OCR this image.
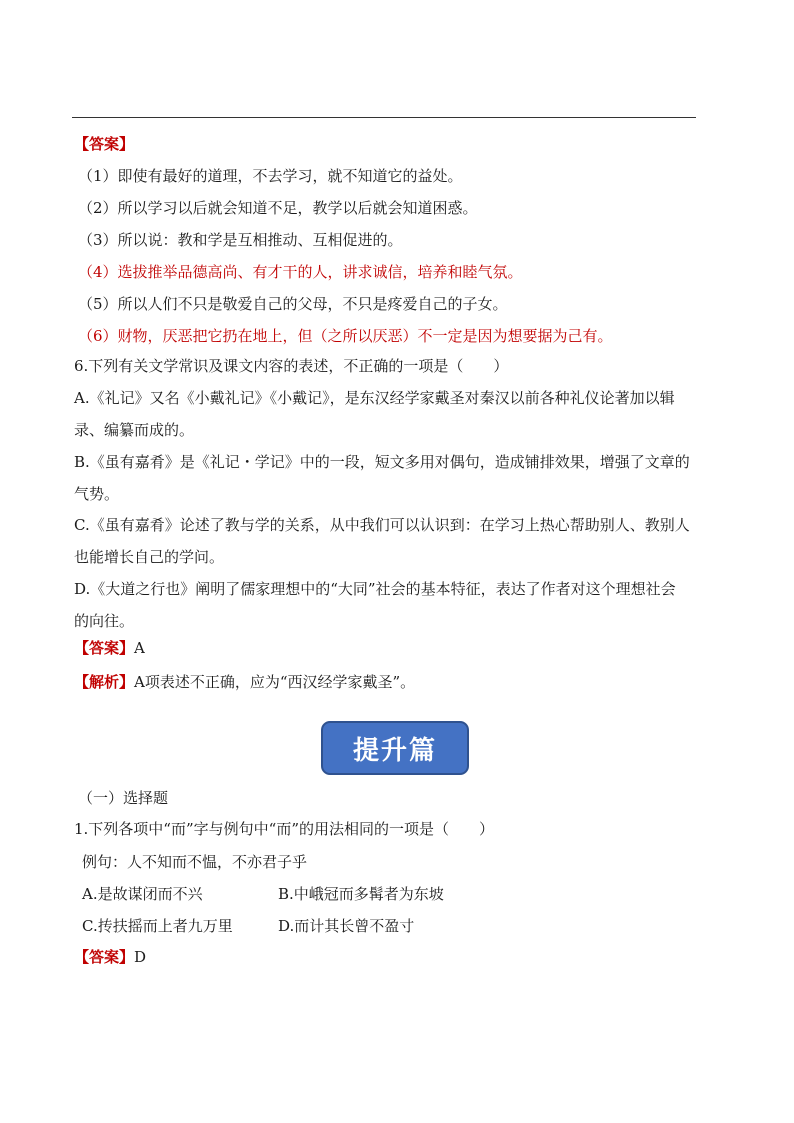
【答案】
（1）即使有最好的道理，不去学习，就不知道它的益处。
（2）所以学习以后就会知道不足，教学以后就会知道困惑。
（3）所以说：教和学是互相推动、互相促进的。
（4）选拔推举品德高尚、有才干的人，讲求诚信，培养和睦气氛。
（5）所以人们不只是敬爱自己的父母，不只是疼爱自己的子女。
（6）财物，厌恶把它扔在地上，但（之所以厌恶）不一定是因为想要据为己有。
6.下列有关文学常识及课文内容的表述，不正确的一项是（　　）
A.《礼记》又名《小戴礼记》《小戴记》，是东汉经学家戴圣对秦汉以前各种礼仪论著加以辑
录、编纂而成的。
B.《虽有嘉肴》是《礼记・学记》中的一段，短文多用对偶句，造成铺排效果，增强了文章的
气势。
C.《虽有嘉肴》论述了教与学的关系，从中我们可以认识到：在学习上热心帮助别人、教别人
也能增长自己的学问。
D.《大道之行也》阐明了儒家理想中的“大同”社会的基本特征，表达了作者对这个理想社会
的向往。
【答案】A
【解析】A项表述不正确，应为“西汉经学家戴圣”。
提升篇
（一）选择题
1.下列各项中“而”字与例句中“而”的用法相同的一项是（　　）
例句：人不知而不愠，不亦君子乎
A.是故谋闭而不兴	B.中峨冠而多髯者为东坡
C.抟扶摇而上者九万里	D.而计其长曾不盈寸
【答案】D
